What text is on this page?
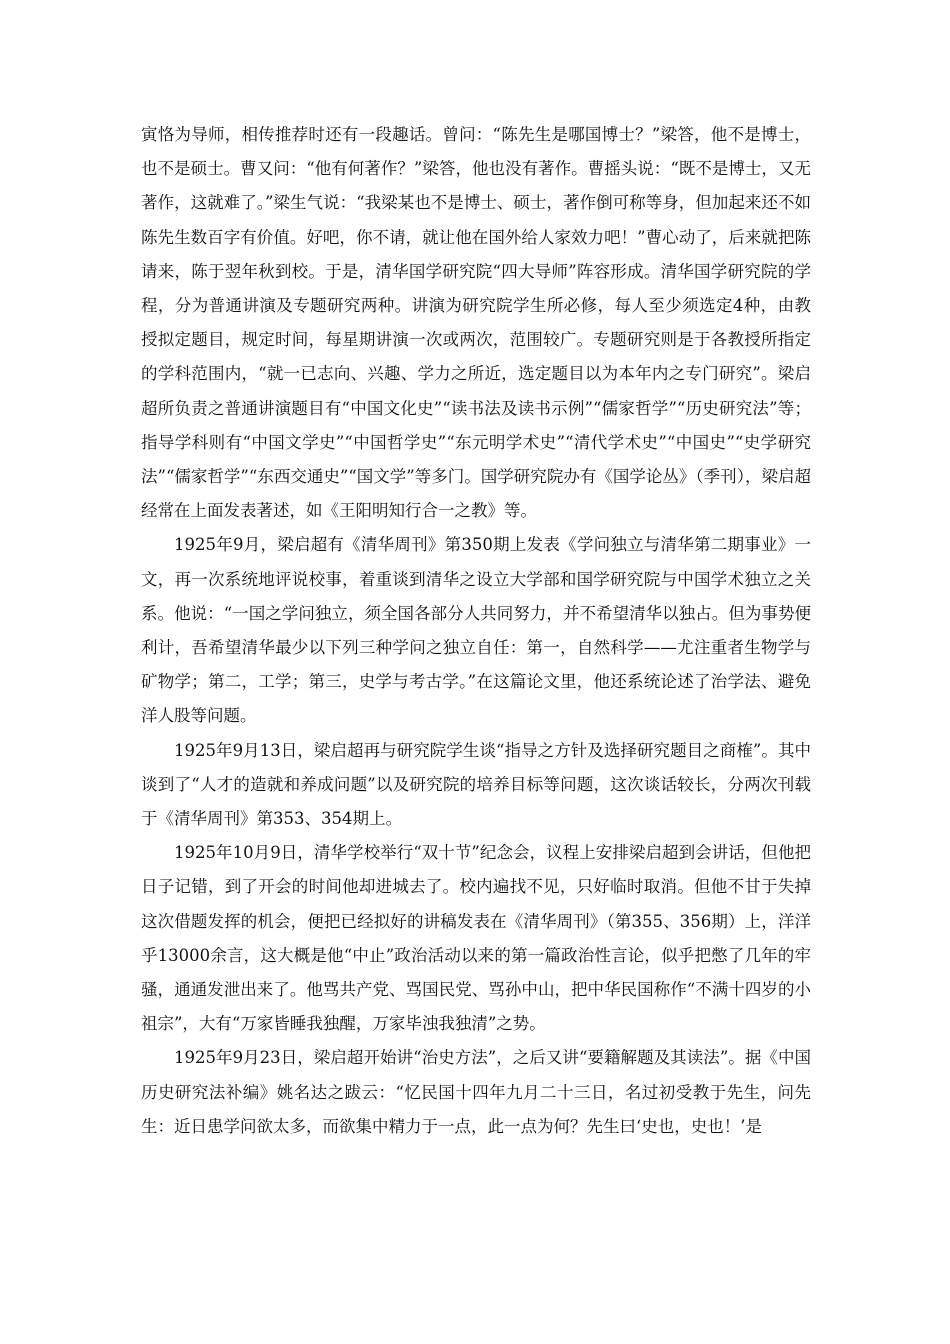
寅恪为导师，相传推荐时还有一段趣话。曾问：“陈先生是哪国博士？”梁答，他不是博士，也不是硕士。曹又问：“他有何著作？”梁答，他也没有著作。曹摇头说：“既不是博士，又无著作，这就难了。”梁生气说：“我梁某也不是博士、硕士，著作倒可称等身，但加起来还不如陈先生数百字有价值。好吧，你不请，就让他在国外给人家效力吧！”曹心动了，后来就把陈请来，陈于翌年秋到校。于是，清华国学研究院“四大导师”阵容形成。清华国学研究院的学程，分为普通讲演及专题研究两种。讲演为研究院学生所必修，每人至少须选定4种，由教授拟定题目，规定时间，每星期讲演一次或两次，范围较广。专题研究则是于各教授所指定的学科范围内，“就一已志向、兴趣、学力之所近，选定题目以为本年内之专门研究”。梁启超所负责之普通讲演题目有“中国文化史”“读书法及读书示例”“儒家哲学”“历史研究法”等；指导学科则有“中国文学史”“中国哲学史”“东元明学术史”“清代学术史”“中国史”“史学研究法”“儒家哲学”“东西交通史”“国文学”等多门。国学研究院办有《国学论丛》（季刊），梁启超经常在上面发表著述，如《王阳明知行合一之教》等。

1925年9月，梁启超有《清华周刊》第350期上发表《学问独立与清华第二期事业》一文，再一次系统地评说校事，着重谈到清华之设立大学部和国学研究院与中国学术独立之关系。他说：“一国之学问独立，须全国各部分人共同努力，并不希望清华以独占。但为事势便利计，吾希望清华最少以下列三种学问之独立自任：第一，自然科学——尤注重者生物学与矿物学；第二，工学；第三，史学与考古学。”在这篇论文里，他还系统论述了治学法、避免洋人股等问题。

1925年9月13日，梁启超再与研究院学生谈“指导之方针及选择研究题目之商榷”。其中谈到了“人才的造就和养成问题”以及研究院的培养目标等问题，这次谈话较长，分两次刊载于《清华周刊》第353、354期上。

1925年10月9日，清华学校举行“双十节”纪念会，议程上安排梁启超到会讲话，但他把日子记错，到了开会的时间他却进城去了。校内遍找不见，只好临时取消。但他不甘于失掉这次借题发挥的机会，便把已经拟好的讲稿发表在《清华周刊》（第355、356期）上，洋洋乎13000余言，这大概是他“中止”政治活动以来的第一篇政治性言论，似乎把憋了几年的牢骚，通通发泄出来了。他骂共产党、骂国民党、骂孙中山，把中华民国称作“不满十四岁的小祖宗”，大有“万家皆睡我独醒，万家毕浊我独清”之势。

1925年9月23日，梁启超开始讲“治史方法”，之后又讲“要籍解题及其读法”。据《中国历史研究法补编》姚名达之跋云：“忆民国十四年九月二十三日，名过初受教于先生，问先生：近日患学问欲太多，而欲集中精力于一点，此一点为何？先生曰‘史也，史也！’是
